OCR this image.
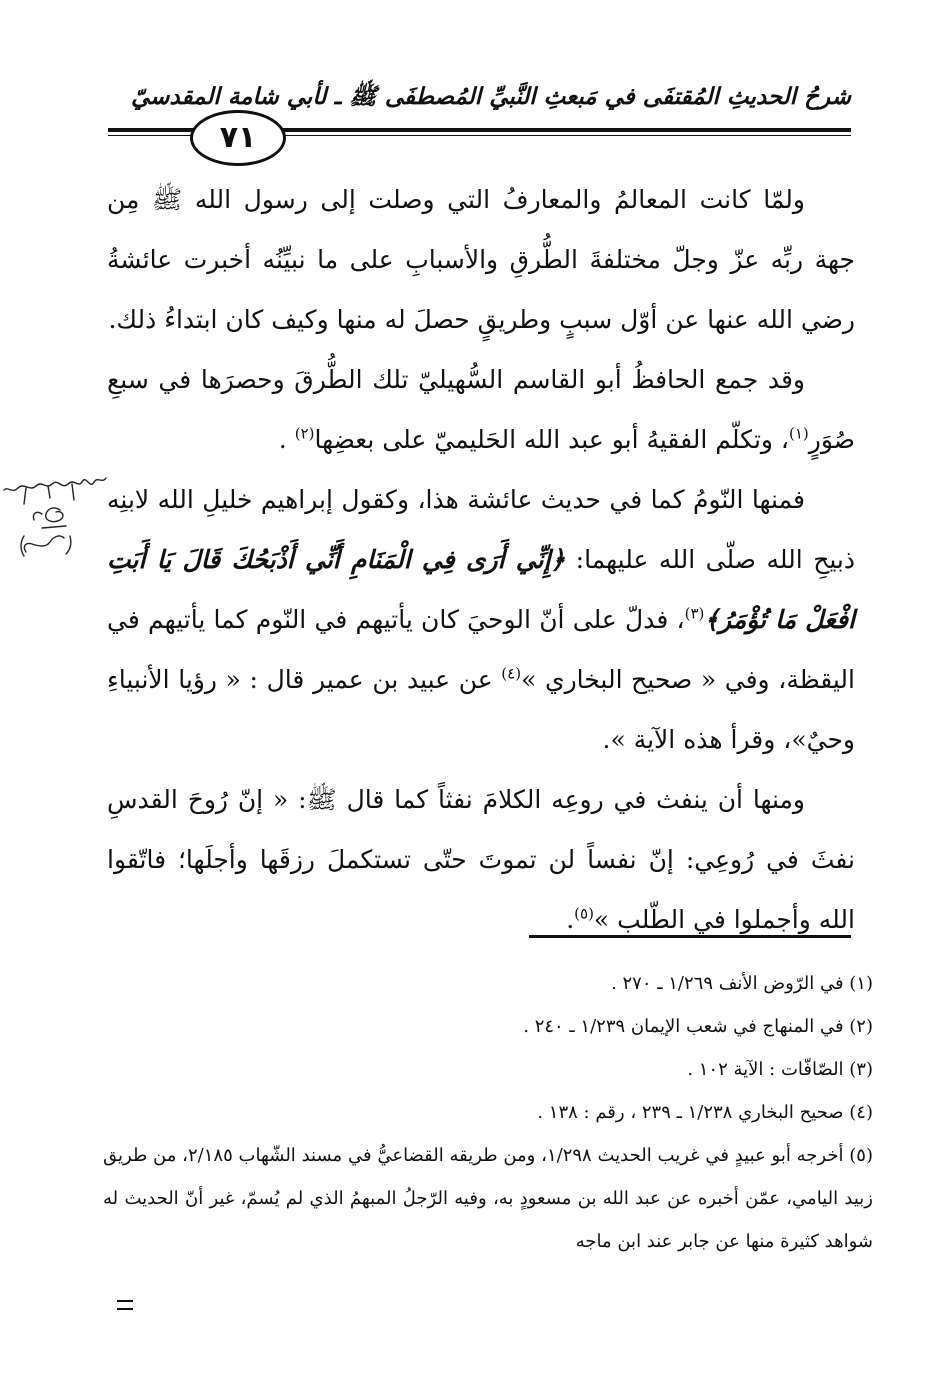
شرحُ الحديثِ المُقتفَى في مَبعثِ النَّبيِّ المُصطفَى ﷺ ـ لأبي شامة المقدسيّ
٧١

ولمّا كانت المعالمُ والمعارفُ التي وصلت إلى رسول الله ﷺ مِن جهة ربِّه عزّ وجلّ مختلفةَ الطُّرقِ والأسبابِ على ما نبيِّنُه أخبرت عائشةُ رضي الله عنها عن أوّل سببٍ وطريقٍ حصلَ له منها وكيف كان ابتداءُ ذلك.

وقد جمع الحافظُ أبو القاسم السُّهيليّ تلك الطُّرقَ وحصرَها في سبعِ صُوَرٍ$^{(١)}$، وتكلّم الفقيهُ أبو عبد الله الحَليميّ على بعضِها$^{(٢)}$ .

فمنها النّومُ كما في حديث عائشة هذا، وكقول إبراهيم خليلِ الله لابنِه ذبيحِ الله صلّى الله عليهما: ﴿إِنِّي أَرَى فِي الْمَنَامِ أَنِّي أَذْبَحُكَ قَالَ يَا أَبَتِ افْعَلْ مَا تُؤْمَرُ﴾$^{(٣)}$، فدلّ على أنّ الوحيَ كان يأتيهم في النّوم كما يأتيهم في اليقظة، وفي « صحيح البخاري »$^{(٤)}$ عن عبيد بن عمير قال : « رؤيا الأنبياءِ وحيٌ»، وقرأ هذه الآية ».

ومنها أن ينفث في روعِه الكلامَ نفثاً كما قال ﷺ: « إنّ رُوحَ القدسِ نفثَ في رُوعِي: إنّ نفساً لن تموتَ حتّى تستكملَ رزقَها وأجلَها؛ فاتّقوا الله وأجملوا في الطّلب »$^{(٥)}$.

(١) في الرّوض الأنف ١/٢٦٩ ـ ٢٧٠ .

(٢) في المنهاج في شعب الإيمان ١/٢٣٩ ـ ٢٤٠ .

(٣) الصّافّات : الآية ١٠٢ .

(٤) صحيح البخاري ١/٢٣٨ ـ ٢٣٩ ، رقم : ١٣٨ .

(٥) أخرجه أبو عبيدٍ في غريب الحديث ١/٢٩٨، ومن طريقه القضاعيُّ في مسند الشّهاب ٢/١٨٥، من طريق زبيد اليامي، عمّن أخبره عن عبد الله بن مسعودٍ به، وفيه الرّجلُ المبهمُ الذي لم يُسمّ، غير أنّ الحديث له شواهد كثيرة منها عن جابر عند ابن ماجه
